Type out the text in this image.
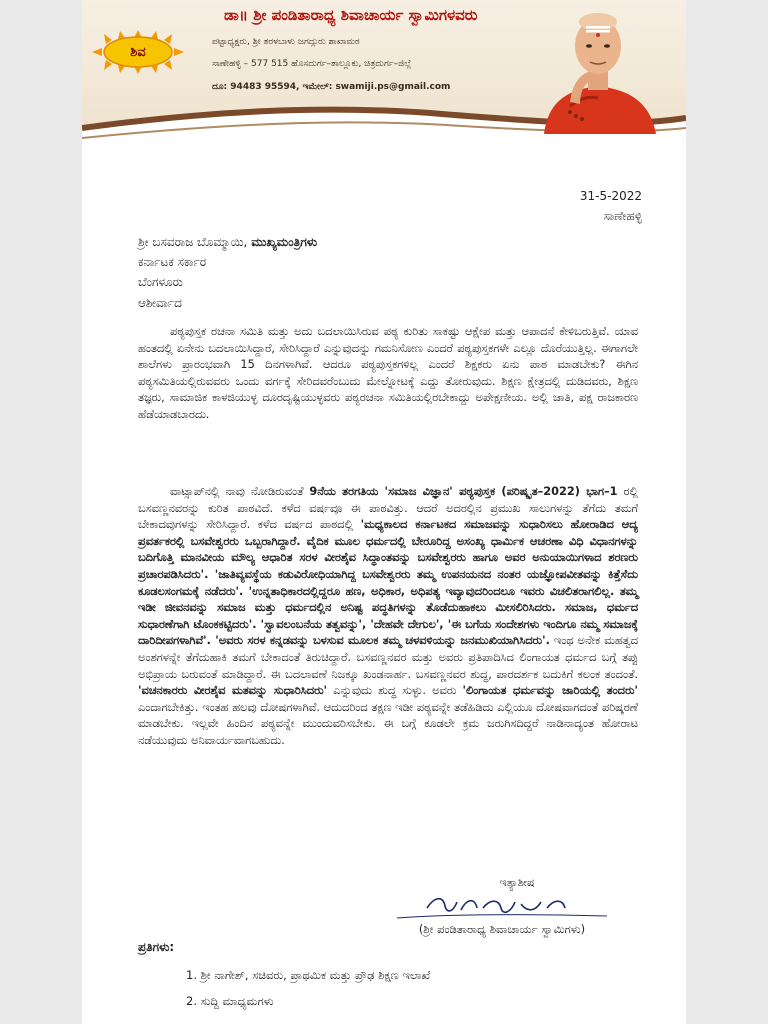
ಶಿವ
ಡಾ॥ ಶ್ರೀ ಪಂಡಿತಾರಾಧ್ಯ ಶಿವಾಚಾರ್ಯ ಸ್ವಾಮಿಗಳವರು
ಪಟ್ಟಾಧ್ಯಕ್ಷರು, ಶ್ರೀ ತರಳಬಾಳು ಜಗದ್ಗುರು ಶಾಖಾಮಠ
ಸಾಣೇಹಳ್ಳಿ – 577 515 ಹೊಸದುರ್ಗ–ತಾಲ್ಲೂಕು, ಚಿತ್ರದುರ್ಗ–ಜಿಲ್ಲೆ
ದೂ: 94483 95594, ಇಮೇಲ್: swamiji.ps@gmail.com
31-5-2022
ಸಾಣೇಹಳ್ಳಿ
ಶ್ರೀ ಬಸವರಾಜ ಬೊಮ್ಮಾಯಿ, ಮುಖ್ಯಮಂತ್ರಿಗಳು
ಕರ್ನಾಟಕ ಸರ್ಕಾರ
ಬೆಂಗಳೂರು
ಆಶೀರ್ವಾದ
ಪಠ್ಯಪುಸ್ತಕ ರಚನಾ ಸಮಿತಿ ಮತ್ತು ಅದು ಬದಲಾಯಿಸಿರುವ ಪಠ್ಯ ಕುರಿತು ಸಾಕಷ್ಟು ಆಕ್ಷೇಪ ಮತ್ತು ಆಪಾದನೆ ಕೇಳಿಬರುತ್ತಿವೆ. ಯಾವ ಹಂತದಲ್ಲಿ ಏನೇನು ಬದಲಾಯಿಸಿದ್ದಾರೆ, ಸೇರಿಸಿದ್ದಾರೆ ಎನ್ನುವುದನ್ನು ಗಮನಿಸೋಣ ಎಂದರೆ ಪಠ್ಯಪುಸ್ತಕಗಳೇ ಎಲ್ಲೂ ದೊರೆಯುತ್ತಿಲ್ಲ. ಈಗಾಗಲೇ ಶಾಲೆಗಳು ಪ್ರಾರಂಭವಾಗಿ 15 ದಿನಗಳಾಗಿವೆ. ಆದರೂ ಪಠ್ಯಪುಸ್ತಕಗಳಿಲ್ಲ ಎಂದರೆ ಶಿಕ್ಷಕರು ಏನು ಪಾಠ ಮಾಡಬೇಕು? ಈಗಿನ ಪಠ್ಯಸಮಿತಿಯಲ್ಲಿರುವವರು ಒಂದು ವರ್ಗಕ್ಕೆ ಸೇರಿದವರೆಂಬುದು ಮೇಲ್ನೋಟಕ್ಕೆ ಎದ್ದು ತೋರುವುದು. ಶಿಕ್ಷಣ ಕ್ಷೇತ್ರದಲ್ಲಿ ದುಡಿದವರು, ಶಿಕ್ಷಣ ತಜ್ಞರು, ಸಾಮಾಜಿಕ ಕಾಳಜಿಯುಳ್ಳ ದೂರದೃಷ್ಟಿಯುಳ್ಳವರು ಪಠ್ಯರಚನಾ ಸಮಿತಿಯಲ್ಲಿರಬೇಕಾದ್ದು ಅಪೇಕ್ಷಣೀಯ. ಅಲ್ಲಿ ಜಾತಿ, ಪಕ್ಷ ರಾಜಕಾರಣ ಹೆಡೆಯಾಡಬಾರದು.
ವಾಟ್ಸಾಪ್‌ನಲ್ಲಿ ನಾವು ನೋಡಿರುವಂತೆ 9ನೆಯ ತರಗತಿಯ 'ಸಮಾಜ ವಿಜ್ಞಾನ' ಪಠ್ಯಪುಸ್ತಕ (ಪರಿಷ್ಕೃತ–2022) ಭಾಗ–1 ರಲ್ಲಿ ಬಸವಣ್ಣನವರನ್ನು ಕುರಿತ ಪಾಠವಿದೆ. ಕಳೆದ ವರ್ಷವೂ ಈ ಪಾಠವಿತ್ತು. ಆದರೆ ಅದರಲ್ಲಿನ ಪ್ರಮುಖ ಸಾಲುಗಳನ್ನು ತೆಗೆದು ತಮಗೆ ಬೇಕಾದವುಗಳನ್ನು ಸೇರಿಸಿದ್ದಾರೆ. ಕಳೆದ ವರ್ಷದ ಪಾಠದಲ್ಲಿ 'ಮಧ್ಯಕಾಲದ ಕರ್ನಾಟಕದ ಸಮಾಜವನ್ನು ಸುಧಾರಿಸಲು ಹೋರಾಡಿದ ಆದ್ಯ ಪ್ರವರ್ತಕರಲ್ಲಿ ಬಸವೇಶ್ವರರು ಒಬ್ಬರಾಗಿದ್ದಾರೆ. ವೈದಿಕ ಮೂಲ ಧರ್ಮದಲ್ಲಿ ಬೇರೂರಿದ್ದ ಅಸಂಖ್ಯ ಧಾರ್ಮಿಕ ಆಚರಣಾ ವಿಧಿ ವಿಧಾನಗಳನ್ನು ಬದಿಗೊತ್ತಿ ಮಾನವೀಯ ಮೌಲ್ಯ ಆಧಾರಿತ ಸರಳ ವೀರಶೈವ ಸಿದ್ಧಾಂತವನ್ನು ಬಸವೇಶ್ವರರು ಹಾಗೂ ಅವರ ಅನುಯಾಯಿಗಳಾದ ಶರಣರು ಪ್ರಚಾರಪಡಿಸಿದರು'. 'ಜಾತಿವ್ಯವಸ್ಥೆಯ ಕಡುವಿರೋಧಿಯಾಗಿದ್ದ ಬಸವೇಶ್ವರರು ತಮ್ಮ ಉಪನಯನದ ನಂತರ ಯಜ್ಞೋಪವೀತವನ್ನು ಕಿತ್ತೆಸೆದು ಕೂಡಲಸಂಗಮಕ್ಕೆ ನಡೆದರು'. 'ಉನ್ನತಾಧಿಕಾರದಲ್ಲಿದ್ದರೂ ಹಣ, ಅಧಿಕಾರ, ಅಧಿಪತ್ಯ ಇವ್ಯಾವುದರಿಂದಲೂ ಇವರು ವಿಚಲಿತರಾಗಲಿಲ್ಲ. ತಮ್ಮ ಇಡೀ ಜೀವನವನ್ನು ಸಮಾಜ ಮತ್ತು ಧರ್ಮದಲ್ಲಿನ ಅನಿಷ್ಟ ಪದ್ಧತಿಗಳನ್ನು ತೊಡೆದುಹಾಕಲು ಮೀಸಲಿರಿಸಿದರು. ಸಮಾಜ, ಧರ್ಮದ ಸುಧಾರಣೆಗಾಗಿ ಟೊಂಕಕಟ್ಟಿದರು'. 'ಸ್ವಾವಲಂಬನೆಯ ತತ್ವವನ್ನು', 'ದೇಹವೇ ದೇಗುಲ', 'ಈ ಬಗೆಯ ಸಂದೇಶಗಳು ಇಂದಿಗೂ ನಮ್ಮ ಸಮಾಜಕ್ಕೆ ದಾರಿದೀಪಗಳಾಗಿವೆ'. 'ಅವರು ಸರಳ ಕನ್ನಡವನ್ನು ಬಳಸುವ ಮೂಲಕ ತಮ್ಮ ಚಳವಳಿಯನ್ನು ಜನಮುಖಿಯಾಗಿಸಿದರು'. ಇಂಥ ಅನೇಕ ಮಹತ್ವದ ಅಂಶಗಳನ್ನೇ ತೆಗೆದುಹಾಕಿ ತಮಗೆ ಬೇಕಾದಂತೆ ತಿರುಚಿದ್ದಾರೆ. ಬಸವಣ್ಣನವರ ಮತ್ತು ಅವರು ಪ್ರತಿಪಾದಿಸಿದ ಲಿಂಗಾಯತ ಧರ್ಮದ ಬಗ್ಗೆ ತಪ್ಪು ಅಭಿಪ್ರಾಯ ಬರುವಂತೆ ಮಾಡಿದ್ದಾರೆ. ಈ ಬದಲಾವಣೆ ನಿಜಕ್ಕೂ ಖಂಡನಾರ್ಹ. ಬಸವಣ್ಣನವರ ಶುದ್ಧ, ಪಾರದರ್ಶಕ ಬದುಕಿಗೆ ಕಲಂಕ ತಂದಂತೆ. 'ವಚನಕಾರರು ವೀರಶೈವ ಮತವನ್ನು ಸುಧಾರಿಸಿದರು' ಎನ್ನುವುದು ಶುದ್ಧ ಸುಳ್ಳು. ಅವರು 'ಲಿಂಗಾಯತ ಧರ್ಮವನ್ನು ಜಾರಿಯಲ್ಲಿ ತಂದರು' ಎಂದಾಗಬೇಕಿತ್ತು. ಇಂತಹ ಹಲವು ದೋಷಗಳಾಗಿವೆ. ಆದುದರಿಂದ ತಕ್ಷಣ ಇಡೀ ಪಠ್ಯವನ್ನೇ ತಡೆಹಿಡಿದು ಎಲ್ಲಿಯೂ ದೋಷವಾಗದಂತೆ ಪರಿಷ್ಕರಣೆ ಮಾಡಬೇಕು. ಇಲ್ಲವೇ ಹಿಂದಿನ ಪಠ್ಯವನ್ನೇ ಮುಂದುವರಿಸಬೇಕು. ಈ ಬಗ್ಗೆ ಕೂಡಲೇ ಕ್ರಮ ಜರುಗಿಸದಿದ್ದರೆ ನಾಡಿನಾದ್ಯಂತ ಹೋರಾಟ ನಡೆಯುವುದು ಅನಿವಾರ್ಯವಾಗಬಹುದು.
ಇತ್ಯಾಶೀಷ
(ಶ್ರೀ ಪಂಡಿತಾರಾಧ್ಯ ಶಿವಾಚಾರ್ಯ ಸ್ವಾಮಿಗಳು)
ಪ್ರತಿಗಳು:
1. ಶ್ರೀ ನಾಗೇಶ್, ಸಚಿವರು, ಪ್ರಾಥಮಿಕ ಮತ್ತು ಪ್ರೌಢ ಶಿಕ್ಷಣ ಇಲಾಖೆ
2. ಸುದ್ದಿ ಮಾಧ್ಯಮಗಳು
